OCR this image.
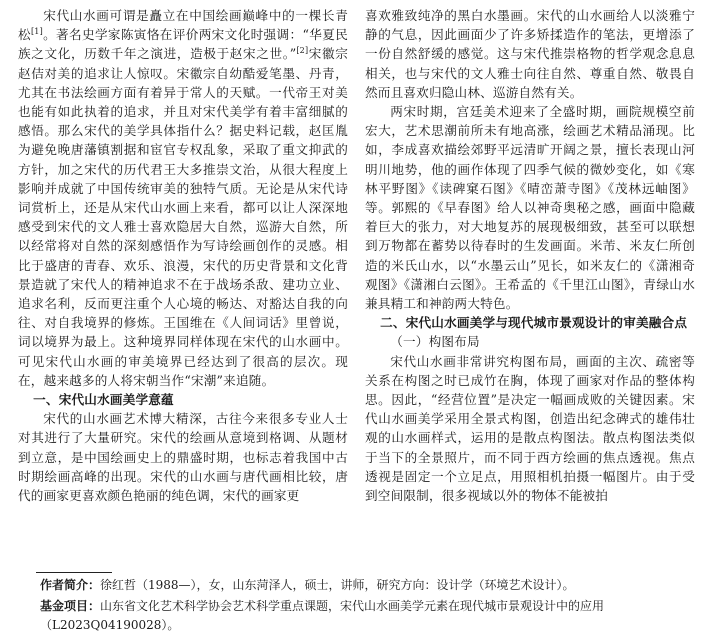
宋代山水画可谓是矗立在中国绘画巅峰中的一棵长青松[1]。著名史学家陈寅恪在评价两宋文化时强调：“华夏民族之文化，历数千年之演进，造极于赵宋之世。”[2]宋徽宗赵佶对美的追求让人惊叹。宋徽宗自幼酷爱笔墨、丹青，尤其在书法绘画方面有着异于常人的天赋。一代帝王对美也能有如此执着的追求，并且对宋代美学有着丰富细腻的感悟。那么宋代的美学具体指什么？据史料记载，赵匡胤为避免晚唐藩镇割据和宦官专权乱象，采取了重文抑武的方针，加之宋代的历代君王大多推崇文治，从很大程度上影响并成就了中国传统审美的独特气质。无论是从宋代诗词赏析上，还是从宋代山水画上来看，都可以让人深深地感受到宋代的文人雅士喜欢隐居大自然，巡游大自然，所以经常将对自然的深刻感悟作为写诗绘画创作的灵感。相比于盛唐的青春、欢乐、浪漫，宋代的历史背景和文化背景造就了宋代人的精神追求不在于战场杀敌、建功立业、追求名利，反而更注重个人心境的畅达、对豁达自我的向往、对自我境界的修炼。王国维在《人间词话》里曾说，词以境界为最上。这种境界同样体现在宋代的山水画中。可见宋代山水画的审美境界已经达到了很高的层次。现在，越来越多的人将宋朝当作“宋潮”来追随。

一、宋代山水画美学意蕴

宋代的山水画艺术博大精深，古往今来很多专业人士对其进行了大量研究。宋代的绘画从意境到格调、从题材到立意，是中国绘画史上的鼎盛时期，也标志着我国中古时期绘画高峰的出现。宋代的山水画与唐代画相比较，唐代的画家更喜欢颜色艳丽的纯色调，宋代的画家更

喜欢雅致纯净的黑白水墨画。宋代的山水画给人以淡雅宁静的气息，因此画面少了许多矫揉造作的笔法，更增添了一份自然舒缓的感觉。这与宋代推崇格物的哲学观念息息相关，也与宋代的文人雅士向往自然、尊重自然、敬畏自然而且喜欢归隐山林、巡游自然有关。

两宋时期，宫廷美术迎来了全盛时期，画院规模空前宏大，艺术思潮前所未有地高涨，绘画艺术精品涌现。比如，李成喜欢描绘郊野平远清旷开阔之景，擅长表现山河明川地势，他的画作体现了四季气候的微妙变化，如《寒林平野图》《读碑窠石图》《晴峦萧寺图》《茂林远岫图》等。郭熙的《早春图》给人以神奇奥秘之感，画面中隐藏着巨大的张力，对大地复苏的展现极细致，甚至可以联想到万物都在蓄势以待春时的生发画面。米芾、米友仁所创造的米氏山水，以“水墨云山”见长，如米友仁的《潇湘奇观图》《潇湘白云图》。王希孟的《千里江山图》，青绿山水兼具精工和神韵两大特色。

二、宋代山水画美学与现代城市景观设计的审美融合点
（一）构图布局

宋代山水画非常讲究构图布局，画面的主次、疏密等关系在构图之时已成竹在胸，体现了画家对作品的整体构思。因此，“经营位置”是决定一幅画成败的关键因素。宋代山水画美学采用全景式构图，创造出纪念碑式的雄伟壮观的山水画样式，运用的是散点构图法。散点构图法类似于当下的全景照片，而不同于西方绘画的焦点透视。焦点透视是固定一个立足点，用照相机拍摄一幅图片。由于受到空间限制，很多视域以外的物体不能被拍

作者简介：徐红哲（1988—），女，山东菏泽人，硕士，讲师，研究方向：设计学（环境艺术设计）。
基金项目：山东省文化艺术科学协会艺术科学重点课题，宋代山水画美学元素在现代城市景观设计中的应用（L2023Q04190028）。
